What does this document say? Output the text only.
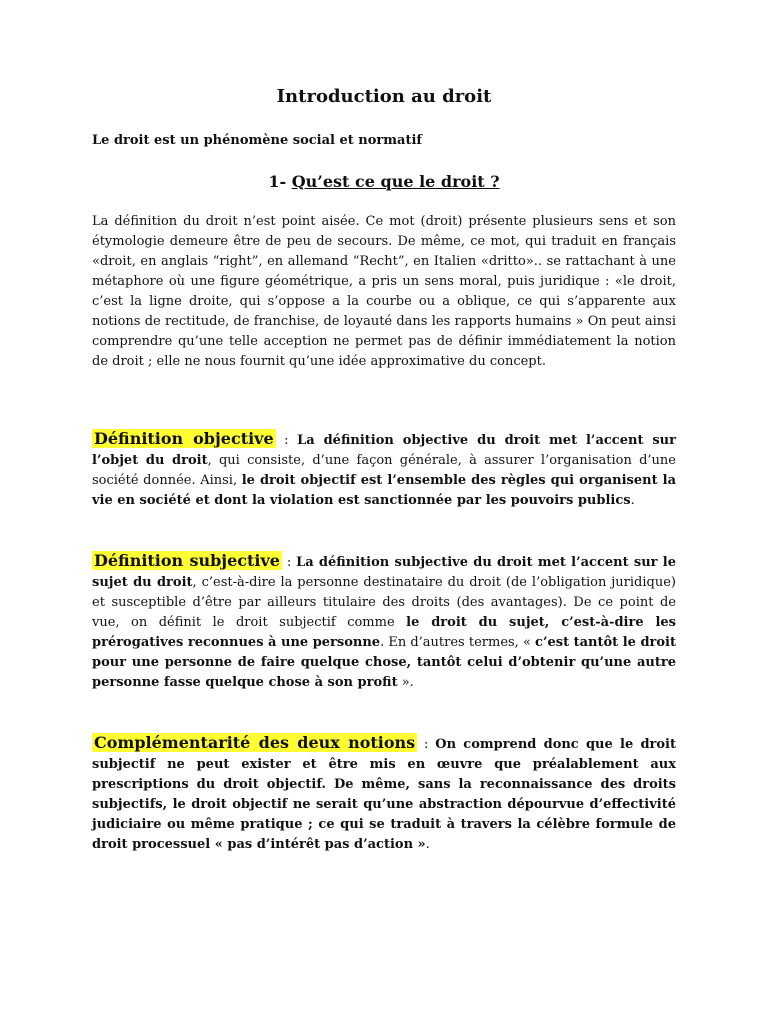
Introduction au droit

Le droit est un phénomène social et normatif

1- Qu’est ce que le droit ?

La définition du droit n’est point aisée. Ce mot (droit) présente plusieurs sens et son étymologie demeure être de peu de secours. De même, ce mot, qui traduit en français «droit, en anglais “right”, en allemand “Recht”, en Italien «dritto».. se rattachant à une métaphore où une figure géométrique, a pris un sens moral, puis juridique : «le droit, c’est la ligne droite, qui s’oppose a la courbe ou a oblique, ce qui s’apparente aux notions de rectitude, de franchise, de loyauté dans les rapports humains » On peut ainsi comprendre qu’une telle acception ne permet pas de définir immédiatement la notion de droit ; elle ne nous fournit qu’une idée approximative du concept.

Définition objective : La définition objective du droit met l’accent sur l’objet du droit, qui consiste, d’une façon générale, à assurer l’organisation d’une société donnée. Ainsi, le droit objectif est l’ensemble des règles qui organisent la vie en société et dont la violation est sanctionnée par les pouvoirs publics.

Définition subjective : La définition subjective du droit met l’accent sur le sujet du droit, c’est-à-dire la personne destinataire du droit (de l’obligation juridique) et susceptible d’être par ailleurs titulaire des droits (des avantages). De ce point de vue, on définit le droit subjectif comme le droit du sujet, c’est-à-dire les prérogatives reconnues à une personne. En d’autres termes, « c’est tantôt le droit pour une personne de faire quelque chose, tantôt celui d’obtenir qu’une autre personne fasse quelque chose à son profit ».

Complémentarité des deux notions : On comprend donc que le droit subjectif ne peut exister et être mis en œuvre que préalablement aux prescriptions du droit objectif. De même, sans la reconnaissance des droits subjectifs, le droit objectif ne serait qu’une abstraction dépourvue d’effectivité judiciaire ou même pratique ; ce qui se traduit à travers la célèbre formule de droit processuel « pas d’intérêt pas d’action ».
